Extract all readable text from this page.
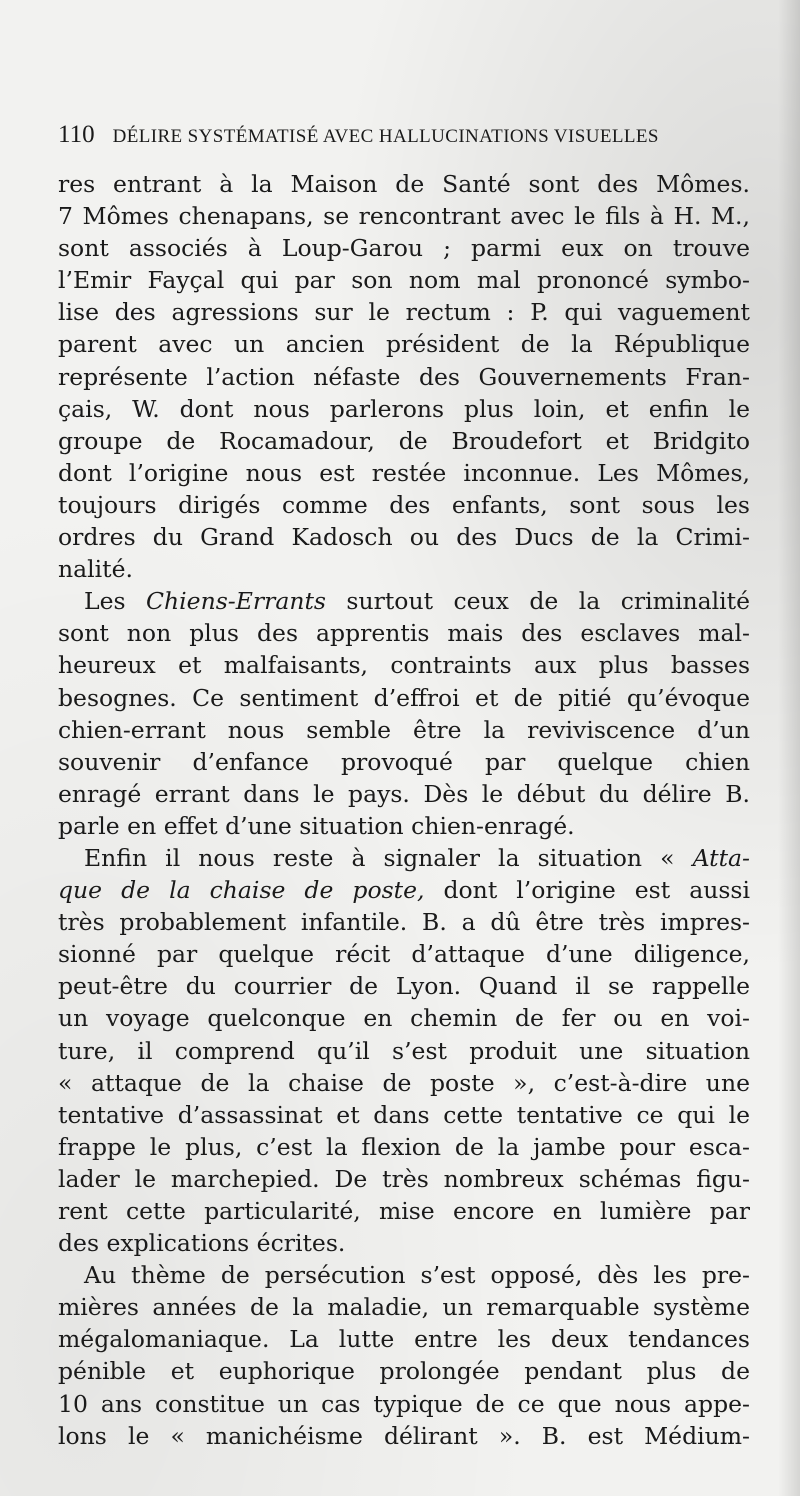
110 DÉLIRE SYSTÉMATISÉ AVEC HALLUCINATIONS VISUELLES
res entrant à la Maison de Santé sont des Mômes.
7 Mômes chenapans, se rencontrant avec le fils à H. M.,
sont associés à Loup-Garou ; parmi eux on trouve
l’Emir Fayçal qui par son nom mal prononcé symbo-
lise des agressions sur le rectum : P. qui vaguement
parent avec un ancien président de la République
représente l’action néfaste des Gouvernements Fran-
çais, W. dont nous parlerons plus loin, et enfin le
groupe de Rocamadour, de Broudefort et Bridgito
dont l’origine nous est restée inconnue. Les Mômes,
toujours dirigés comme des enfants, sont sous les
ordres du Grand Kadosch ou des Ducs de la Crimi-
nalité.
Les Chiens-Errants surtout ceux de la criminalité
sont non plus des apprentis mais des esclaves mal-
heureux et malfaisants, contraints aux plus basses
besognes. Ce sentiment d’effroi et de pitié qu’évoque
chien-errant nous semble être la reviviscence d’un
souvenir d’enfance provoqué par quelque chien
enragé errant dans le pays. Dès le début du délire B.
parle en effet d’une situation chien-enragé.
Enfin il nous reste à signaler la situation « Atta-
que de la chaise de poste, dont l’origine est aussi
très probablement infantile. B. a dû être très impres-
sionné par quelque récit d’attaque d’une diligence,
peut-être du courrier de Lyon. Quand il se rappelle
un voyage quelconque en chemin de fer ou en voi-
ture, il comprend qu’il s’est produit une situation
« attaque de la chaise de poste », c’est-à-dire une
tentative d’assassinat et dans cette tentative ce qui le
frappe le plus, c’est la flexion de la jambe pour esca-
lader le marchepied. De très nombreux schémas figu-
rent cette particularité, mise encore en lumière par
des explications écrites.
Au thème de persécution s’est opposé, dès les pre-
mières années de la maladie, un remarquable système
mégalomaniaque. La lutte entre les deux tendances
pénible et euphorique prolongée pendant plus de
10 ans constitue un cas typique de ce que nous appe-
lons le « manichéisme délirant ». B. est Médium-
